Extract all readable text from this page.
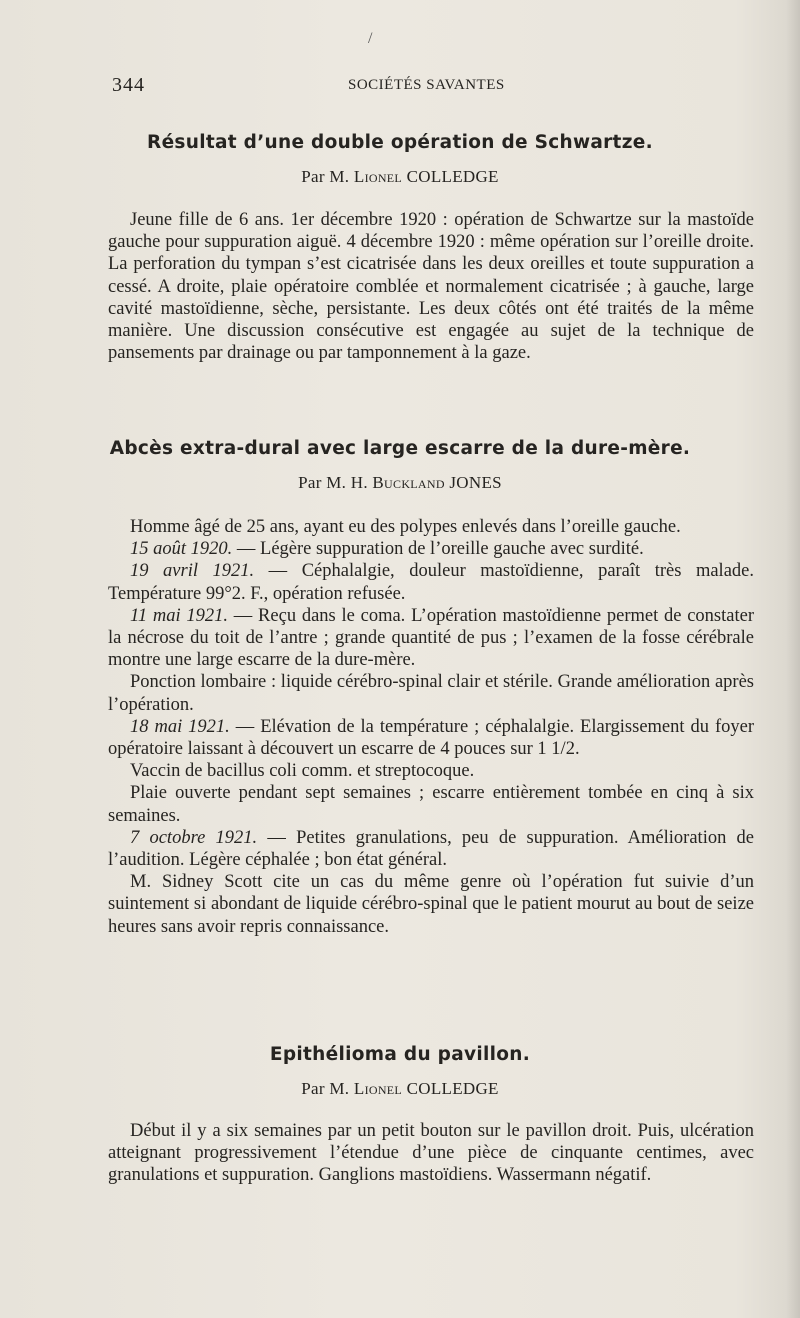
/
344	SOCIÉTÉS SAVANTES
Résultat d’une double opération de Schwartze.
Par M. Lionel COLLEDGE

Jeune fille de 6 ans. 1er décembre 1920 : opération de Schwartze sur la mastoïde gauche pour suppuration aiguë. 4 décembre 1920 : même opération sur l’oreille droite. La perforation du tympan s’est cicatrisée dans les deux oreilles et toute suppuration a cessé. A droite, plaie opératoire comblée et normalement cicatrisée ; à gauche, large cavité mastoïdienne, sèche, persistante. Les deux côtés ont été traités de la même manière. Une discussion consécutive est engagée au sujet de la technique de pansements par drainage ou par tamponnement à la gaze.

Abcès extra-dural avec large escarre de la dure-mère.
Par M. H. Buckland JONES

Homme âgé de 25 ans, ayant eu des polypes enlevés dans l’oreille gauche.

15 août 1920. — Légère suppuration de l’oreille gauche avec surdité.

19 avril 1921. — Céphalalgie, douleur mastoïdienne, paraît très malade. Température 99°2. F., opération refusée.

11 mai 1921. — Reçu dans le coma. L’opération mastoïdienne permet de constater la nécrose du toit de l’antre ; grande quantité de pus ; l’examen de la fosse cérébrale montre une large escarre de la dure-mère.

Ponction lombaire : liquide cérébro-spinal clair et stérile. Grande amélioration après l’opération.

18 mai 1921. — Elévation de la température ; céphalalgie. Elargissement du foyer opératoire laissant à découvert un escarre de 4 pouces sur 1 1/2.

Vaccin de bacillus coli comm. et streptocoque.

Plaie ouverte pendant sept semaines ; escarre entièrement tombée en cinq à six semaines.

7 octobre 1921. — Petites granulations, peu de suppuration. Amélioration de l’audition. Légère céphalée ; bon état général.

M. Sidney Scott cite un cas du même genre où l’opération fut suivie d’un suintement si abondant de liquide cérébro-spinal que le patient mourut au bout de seize heures sans avoir repris connaissance.

Epithélioma du pavillon.
Par M. Lionel COLLEDGE

Début il y a six semaines par un petit bouton sur le pavillon droit. Puis, ulcération atteignant progressivement l’étendue d’une pièce de cinquante centimes, avec granulations et suppuration. Ganglions mastoïdiens. Wassermann négatif.
